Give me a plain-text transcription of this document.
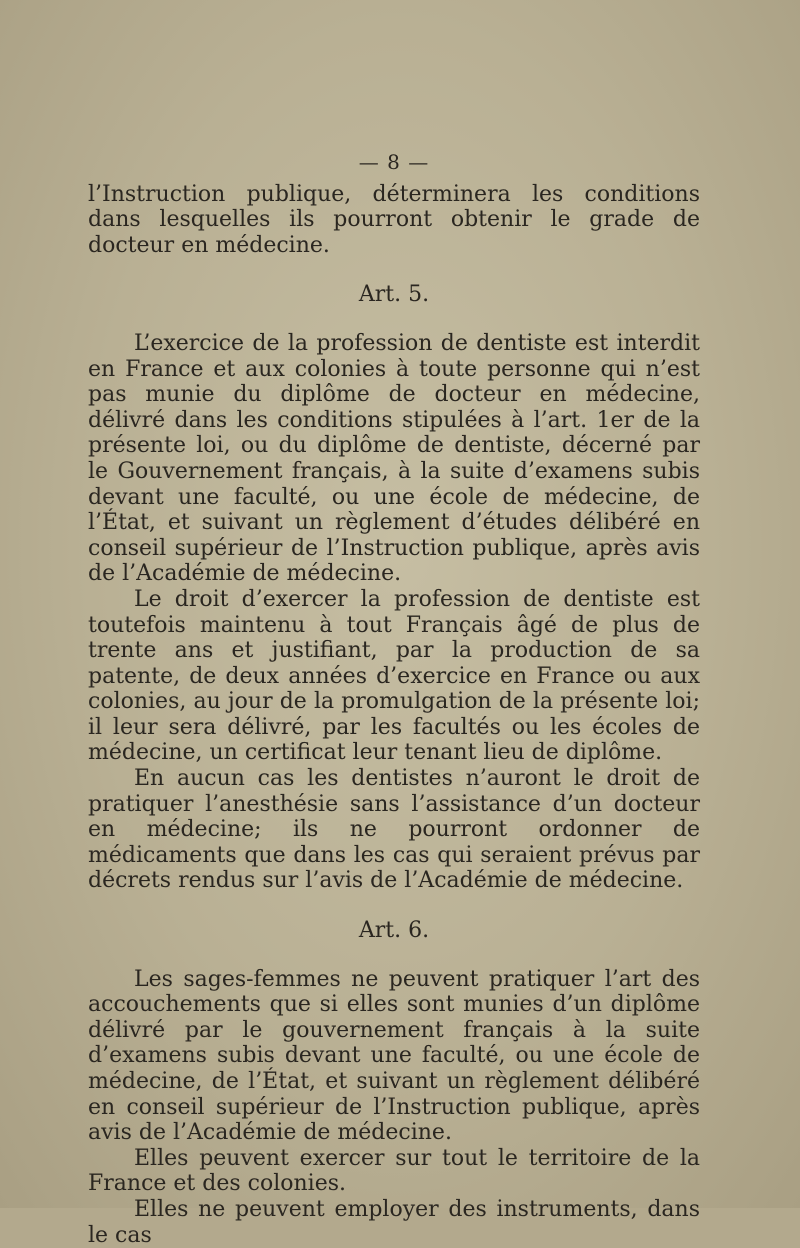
— 8 —

l’Instruction publique, déterminera les conditions dans lesquelles ils pourront obtenir le grade de docteur en médecine.

Art. 5.

L’exercice de la profession de dentiste est interdit en France et aux colonies à toute personne qui n’est pas munie du diplôme de docteur en médecine, délivré dans les conditions stipulées à l’art. 1er de la présente loi, ou du diplôme de dentiste, décerné par le Gouvernement français, à la suite d’examens subis devant une faculté, ou une école de médecine, de l’État, et suivant un règlement d’études délibéré en conseil supérieur de l’Instruction publique, après avis de l’Académie de médecine.

Le droit d’exercer la profession de dentiste est toutefois maintenu à tout Français âgé de plus de trente ans et justifiant, par la production de sa patente, de deux années d’exercice en France ou aux colonies, au jour de la promulgation de la présente loi; il leur sera délivré, par les facultés ou les écoles de médecine, un certificat leur tenant lieu de diplôme.

En aucun cas les dentistes n’auront le droit de pratiquer l’anesthésie sans l’assistance d’un docteur en médecine; ils ne pourront ordonner de médicaments que dans les cas qui seraient prévus par décrets rendus sur l’avis de l’Académie de médecine.

Art. 6.

Les sages-femmes ne peuvent pratiquer l’art des accouchements que si elles sont munies d’un diplôme délivré par le gouvernement français à la suite d’examens subis devant une faculté, ou une école de médecine, de l’État, et suivant un règlement délibéré en conseil supérieur de l’Instruction publique, après avis de l’Académie de médecine.

Elles peuvent exercer sur tout le territoire de la France et des colonies.

Elles ne peuvent employer des instruments, dans le cas
